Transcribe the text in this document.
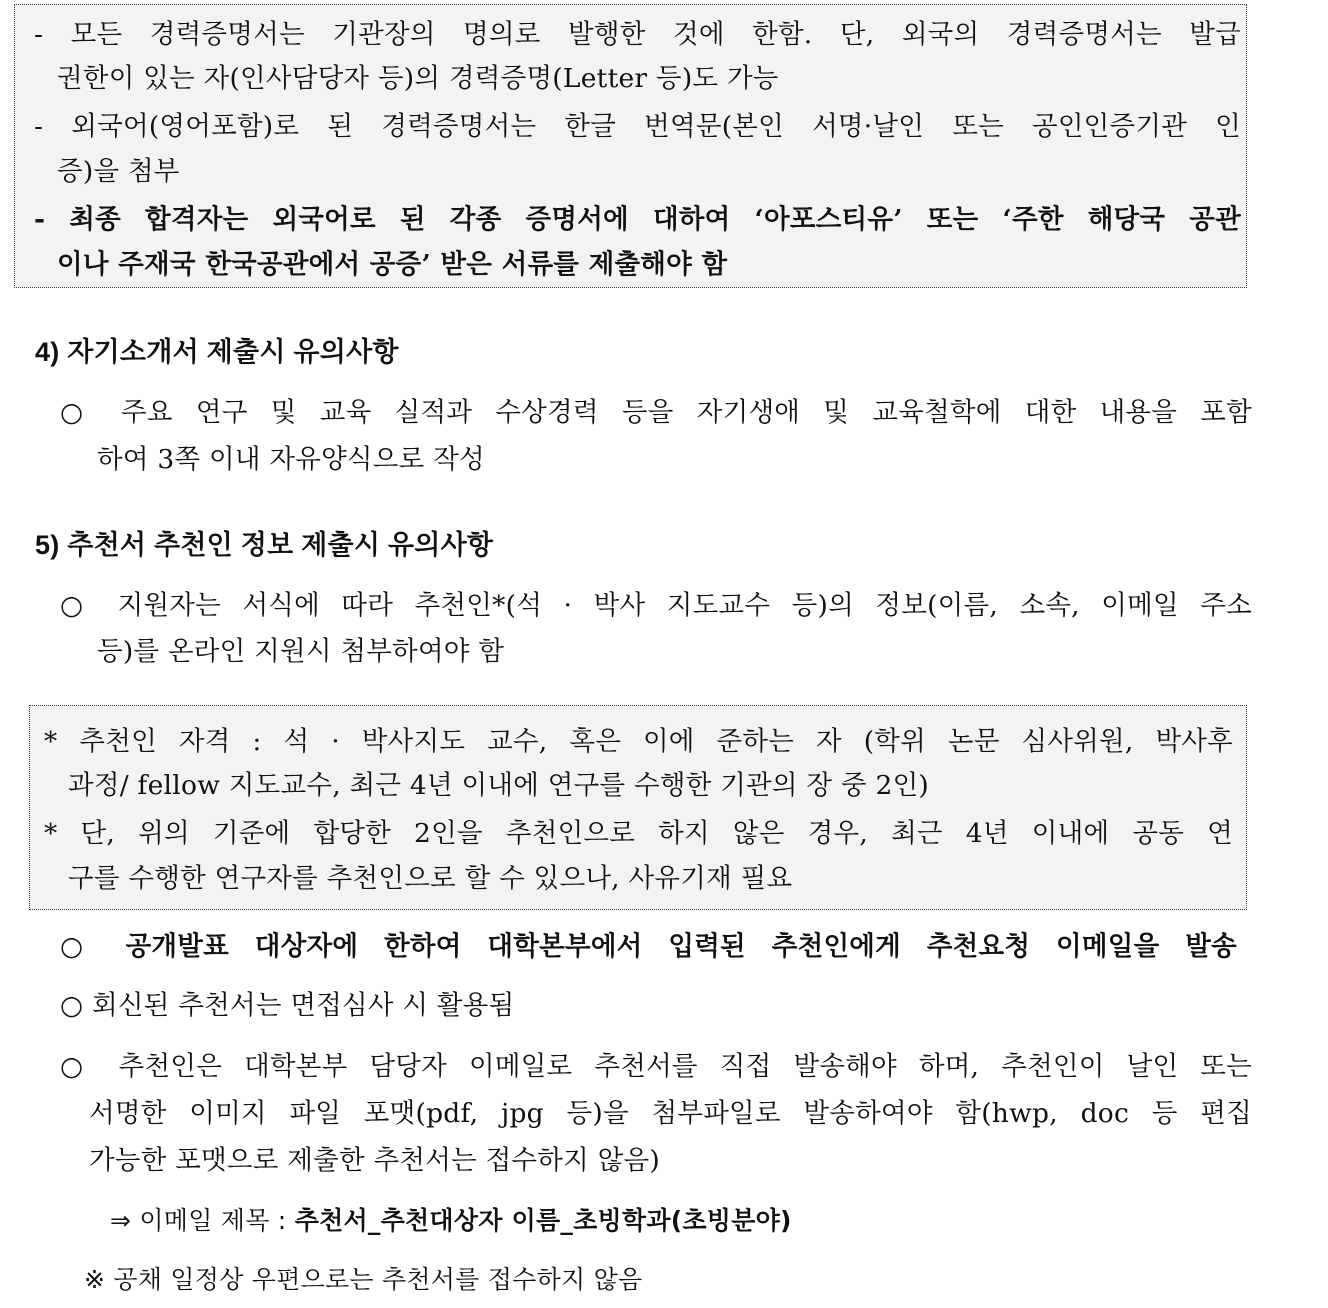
- 모든 경력증명서는 기관장의 명의로 발행한 것에 한함. 단, 외국의 경력증명서는 발급
권한이 있는 자(인사담당자 등)의 경력증명(Letter 등)도 가능
- 외국어(영어포함)로 된 경력증명서는 한글 번역문(본인 서명·날인 또는 공인인증기관 인
증)을 첨부
- 최종 합격자는 외국어로 된 각종 증명서에 대하여 ‘아포스티유’ 또는 ‘주한 해당국 공관
이나 주재국 한국공관에서 공증’ 받은 서류를 제출해야 함
4) 자기소개서 제출시 유의사항
○ 주요 연구 및 교육 실적과 수상경력 등을 자기생애 및 교육철학에 대한 내용을 포함
하여 3쪽 이내 자유양식으로 작성
5) 추천서 추천인 정보 제출시 유의사항
○ 지원자는 서식에 따라 추천인*(석 · 박사 지도교수 등)의 정보(이름, 소속, 이메일 주소
등)를 온라인 지원시 첨부하여야 함
* 추천인 자격 : 석 · 박사지도 교수, 혹은 이에 준하는 자 (학위 논문 심사위원, 박사후
과정/ fellow 지도교수, 최근 4년 이내에 연구를 수행한 기관의 장 중 2인)
* 단, 위의 기준에 합당한 2인을 추천인으로 하지 않은 경우, 최근 4년 이내에 공동 연
구를 수행한 연구자를 추천인으로 할 수 있으나, 사유기재 필요
○ 공개발표 대상자에 한하여 대학본부에서 입력된 추천인에게 추천요청 이메일을 발송
○ 회신된 추천서는 면접심사 시 활용됨
○ 추천인은 대학본부 담당자 이메일로 추천서를 직접 발송해야 하며, 추천인이 날인 또는
서명한 이미지 파일 포맷(pdf, jpg 등)을 첨부파일로 발송하여야 함(hwp, doc 등 편집
가능한 포맷으로 제출한 추천서는 접수하지 않음)
⇒ 이메일 제목 : 추천서_추천대상자 이름_초빙학과(초빙분야)
※ 공채 일정상 우편으로는 추천서를 접수하지 않음
